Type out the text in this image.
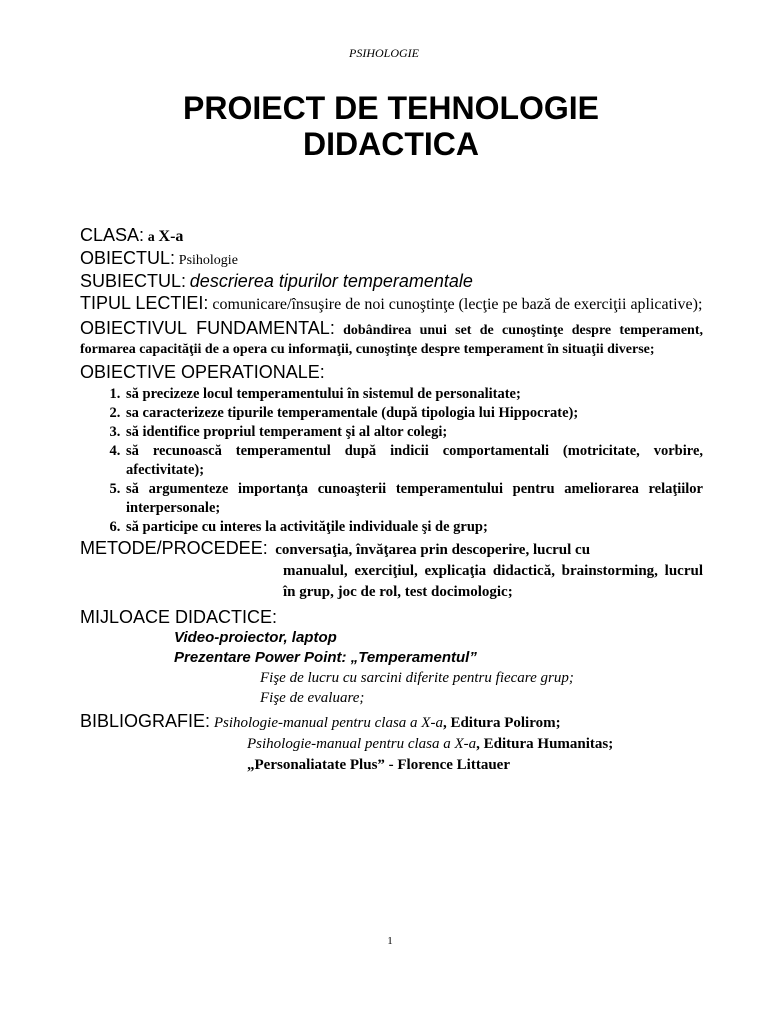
PSIHOLOGIE
PROIECT DE TEHNOLOGIE
DIDACTICA
CLASA: a X-a
OBIECTUL: Psihologie
SUBIECTUL: descrierea tipurilor temperamentale
TIPUL LECTIEI: comunicare/însuşire de noi cunoştinţe (lecţie pe bază de exerciţii aplicative);
OBIECTIVUL FUNDAMENTAL: dobândirea unui set de cunoştinţe despre temperament, formarea capacităţii de a opera cu informaţii, cunoştinţe despre temperament în situaţii diverse;
OBIECTIVE OPERATIONALE:
1. să precizeze locul temperamentului în sistemul de personalitate;
2. sa caracterizeze tipurile temperamentale (după tipologia lui Hippocrate);
3. să identifice propriul temperament şi al altor colegi;
4. să recunoască temperamentul după indicii comportamentali (motricitate, vorbire, afectivitate);
5. să argumenteze importanţa cunoaşterii temperamentului pentru ameliorarea relaţiilor interpersonale;
6. să participe cu interes la activităţile individuale şi de grup;
METODE/PROCEDEE: conversaţia, învăţarea prin descoperire, lucrul cu
manualul, exerciţiul, explicaţia didactică, brainstorming, lucrul în grup, joc de rol, test docimologic;
MIJLOACE DIDACTICE:
Video-proiector, laptop
Prezentare Power Point: „Temperamentul”
Fişe de lucru cu sarcini diferite pentru fiecare grup;
Fişe de evaluare;
BIBLIOGRAFIE: Psihologie-manual pentru clasa a X-a, Editura Polirom;
Psihologie-manual pentru clasa a X-a, Editura Humanitas;
„Personaliatate Plus” - Florence Littauer
1
